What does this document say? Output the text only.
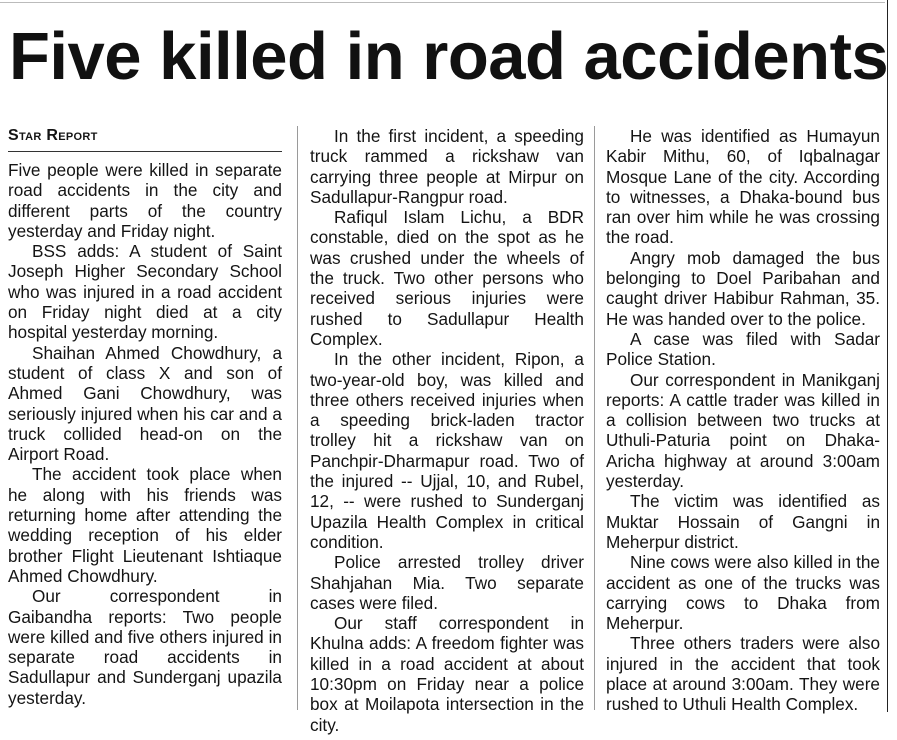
Five killed in road accidents
Star Report

Five people were killed in separate road accidents in the city and different parts of the country yesterday and Friday night.

BSS adds: A student of Saint Joseph Higher Secondary School who was injured in a road accident on Friday night died at a city hospital yesterday morning.

Shaihan Ahmed Chowdhury, a student of class X and son of Ahmed Gani Chowdhury, was seriously injured when his car and a truck collided head-on on the Airport Road.

The accident took place when he along with his friends was returning home after attending the wedding reception of his elder brother Flight Lieutenant Ishtiaque Ahmed Chowdhury.

Our correspondent in Gaibandha reports: Two people were killed and five others injured in separate road accidents in Sadullapur and Sunderganj upazila yesterday.

In the first incident, a speeding truck rammed a rickshaw van carrying three people at Mirpur on Sadullapur-Rangpur road.

Rafiqul Islam Lichu, a BDR constable, died on the spot as he was crushed under the wheels of the truck. Two other persons who received serious injuries were rushed to Sadullapur Health Complex.

In the other incident, Ripon, a two-year-old boy, was killed and three others received injuries when a speeding brick-laden tractor trolley hit a rickshaw van on Panchpir-Dharmapur road. Two of the injured -- Ujjal, 10, and Rubel, 12, -- were rushed to Sunderganj Upazila Health Complex in critical condition.

Police arrested trolley driver Shahjahan Mia. Two separate cases were filed.

Our staff correspondent in Khulna adds: A freedom fighter was killed in a road accident at about 10:30pm on Friday near a police box at Moilapota intersection in the city.

He was identified as Humayun Kabir Mithu, 60, of Iqbalnagar Mosque Lane of the city. According to witnesses, a Dhaka-bound bus ran over him while he was crossing the road.

Angry mob damaged the bus belonging to Doel Paribahan and caught driver Habibur Rahman, 35. He was handed over to the police.

A case was filed with Sadar Police Station.

Our correspondent in Manikganj reports: A cattle trader was killed in a collision between two trucks at Uthuli-Paturia point on Dhaka-Aricha highway at around 3:00am yesterday.

The victim was identified as Muktar Hossain of Gangni in Meherpur district.

Nine cows were also killed in the accident as one of the trucks was carrying cows to Dhaka from Meherpur.

Three others traders were also injured in the accident that took place at around 3:00am. They were rushed to Uthuli Health Complex.
